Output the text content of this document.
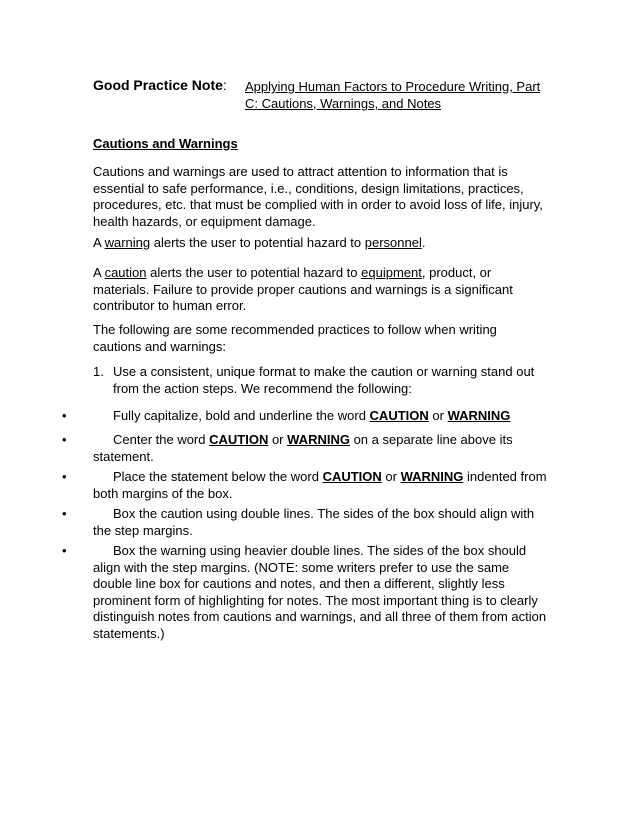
Good Practice Note: Applying Human Factors to Procedure Writing, Part C: Cautions, Warnings, and Notes
Cautions and Warnings

Cautions and warnings are used to attract attention to information that is essential to safe performance, i.e., conditions, design limitations, practices, procedures, etc. that must be complied with in order to avoid loss of life, injury, health hazards, or equipment damage.

A warning alerts the user to potential hazard to personnel.

A caution alerts the user to potential hazard to equipment, product, or materials. Failure to provide proper cautions and warnings is a significant contributor to human error.

The following are some recommended practices to follow when writing cautions and warnings:

1. Use a consistent, unique format to make the caution or warning stand out from the action steps. We recommend the following:
•	Fully capitalize, bold and underline the word CAUTION or WARNING
•	Center the word CAUTION or WARNING on a separate line above its statement.
•	Place the statement below the word CAUTION or WARNING indented from both margins of the box.
•	Box the caution using double lines. The sides of the box should align with the step margins.
•	Box the warning using heavier double lines. The sides of the box should align with the step margins. (NOTE: some writers prefer to use the same double line box for cautions and notes, and then a different, slightly less prominent form of highlighting for notes. The most important thing is to clearly distinguish notes from cautions and warnings, and all three of them from action statements.)
